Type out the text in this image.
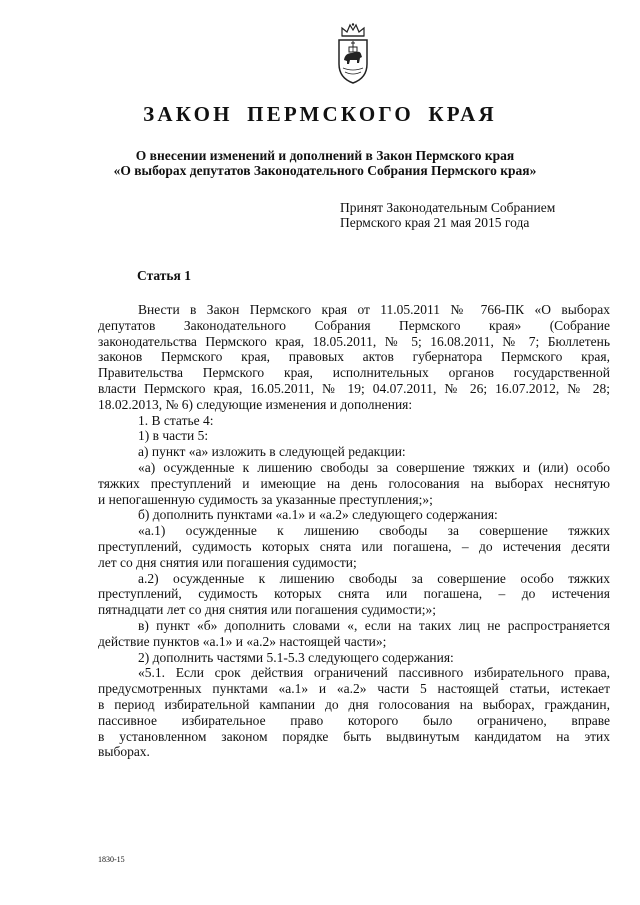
ЗАКОН ПЕРМСКОГО КРАЯ
О внесении изменений и дополнений в Закон Пермского края
«О выборах депутатов Законодательного Собрания Пермского края»
Принят Законодательным Собранием
Пермского края 21 мая 2015 года
Статья 1
Внести в Закон Пермского края от 11.05.2011 № 766-ПК «О выборах
депутатов Законодательного Собрания Пермского края» (Собрание
законодательства Пермского края, 18.05.2011, № 5; 16.08.2011, № 7; Бюллетень
законов Пермского края, правовых актов губернатора Пермского края,
Правительства Пермского края, исполнительных органов государственной
власти Пермского края, 16.05.2011, № 19; 04.07.2011, № 26; 16.07.2012, № 28;
18.02.2013, № 6) следующие изменения и дополнения:
1. В статье 4:
1) в части 5:
а) пункт «а» изложить в следующей редакции:
«а) осужденные к лишению свободы за совершение тяжких и (или) особо
тяжких преступлений и имеющие на день голосования на выборах неснятую
и непогашенную судимость за указанные преступления;»;
б) дополнить пунктами «а.1» и «а.2» следующего содержания:
«а.1) осужденные к лишению свободы за совершение тяжких
преступлений, судимость которых снята или погашена, – до истечения десяти
лет со дня снятия или погашения судимости;
а.2) осужденные к лишению свободы за совершение особо тяжких
преступлений, судимость которых снята или погашена, – до истечения
пятнадцати лет со дня снятия или погашения судимости;»;
в) пункт «б» дополнить словами «, если на таких лиц не распространяется
действие пунктов «а.1» и «а.2» настоящей части»;
2) дополнить частями 5.1-5.3 следующего содержания:
«5.1. Если срок действия ограничений пассивного избирательного права,
предусмотренных пунктами «а.1» и «а.2» части 5 настоящей статьи, истекает
в период избирательной кампании до дня голосования на выборах, гражданин,
пассивное избирательное право которого было ограничено, вправе
в установленном законом порядке быть выдвинутым кандидатом на этих
выборах.
1830-15
